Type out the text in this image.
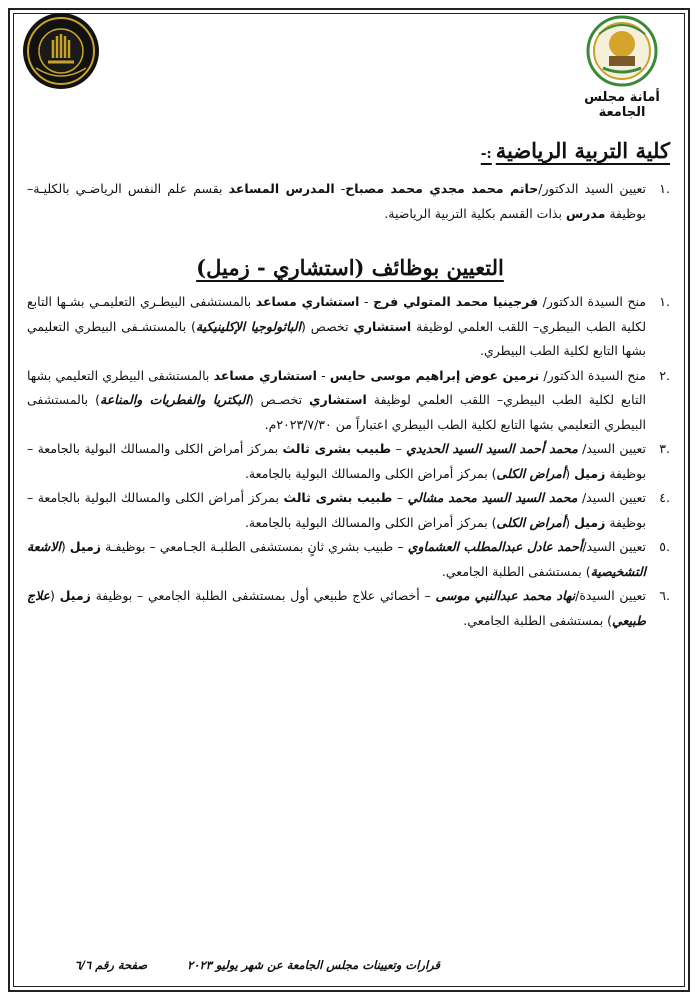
أمانة مجلس الجامعة
كلية التربية الرياضية:-

.١
تعيين السيد الدكتور/حاتم محمد مجدي محمد مصباح- المدرس المساعد بقسم علم النفس الرياضـي بالكليـة– بوظيفة مدرس بذات القسم بكلية التربية الرياضية.

التعيين بوظائف (استشاري - زميل)

.١
منح السيدة الدكتور/ فرجينيا محمد المتولي فرج - استشاري مساعد بالمستشفى البيطـري التعليمـي بشـها التابع لكلية الطب البيطري– اللقب العلمي لوظيفة استشاري تخصص (الباثولوجيا الإكلينيكية) بالمستشـفى البيطري التعليمي بشها التابع لكلية الطب البيطري.

.٢
منح السيدة الدكتور/ نرمين عوض إبراهيم موسى حايس - استشاري مساعد بالمستشفى البيطري التعليمي بشها التابع لكلية الطب البيطري– اللقب العلمي لوظيفة استشاري تخصـص (البكتريا والفطريات والمناعة) بالمستشفى البيطري التعليمي بشها التابع لكلية الطب البيطري اعتباراً من ٢٠٢٣/٧/٣٠م.

.٣
تعيين السيد/ محمد أحمد السيد السيد الحديدي – طبيب بشرى ثالث بمركز أمراض الكلى والمسالك البولية بالجامعة – بوظيفة زميل (أمراض الكلى) بمركز أمراض الكلى والمسالك البولية بالجامعة.

.٤
تعيين السيد/ محمد السيد السيد محمد مشالي – طبيب بشرى ثالث بمركز أمراض الكلى والمسالك البولية بالجامعة – بوظيفة زميل (أمراض الكلى) بمركز أمراض الكلى والمسالك البولية بالجامعة.

.٥
تعيين السيد/أحمد عادل عبدالمطلب العشماوي – طبيب بشري ثانٍ بمستشفى الطلبـة الجـامعي – بوظيفـة زميل (الاشعة التشخيصية) بمستشفى الطلبة الجامعي.

.٦
تعيين السيدة/نهاد محمد عبدالنبي موسى – أخصائي علاج طبيعي أول بمستشفى الطلبة الجامعي – بوظيفة زميل (علاج طبيعي) بمستشفى الطلبة الجامعي.

قرارات وتعيينات مجلس الجامعة عن شهر يوليو ٢٠٢٣صفحة رقم ٦/٦
